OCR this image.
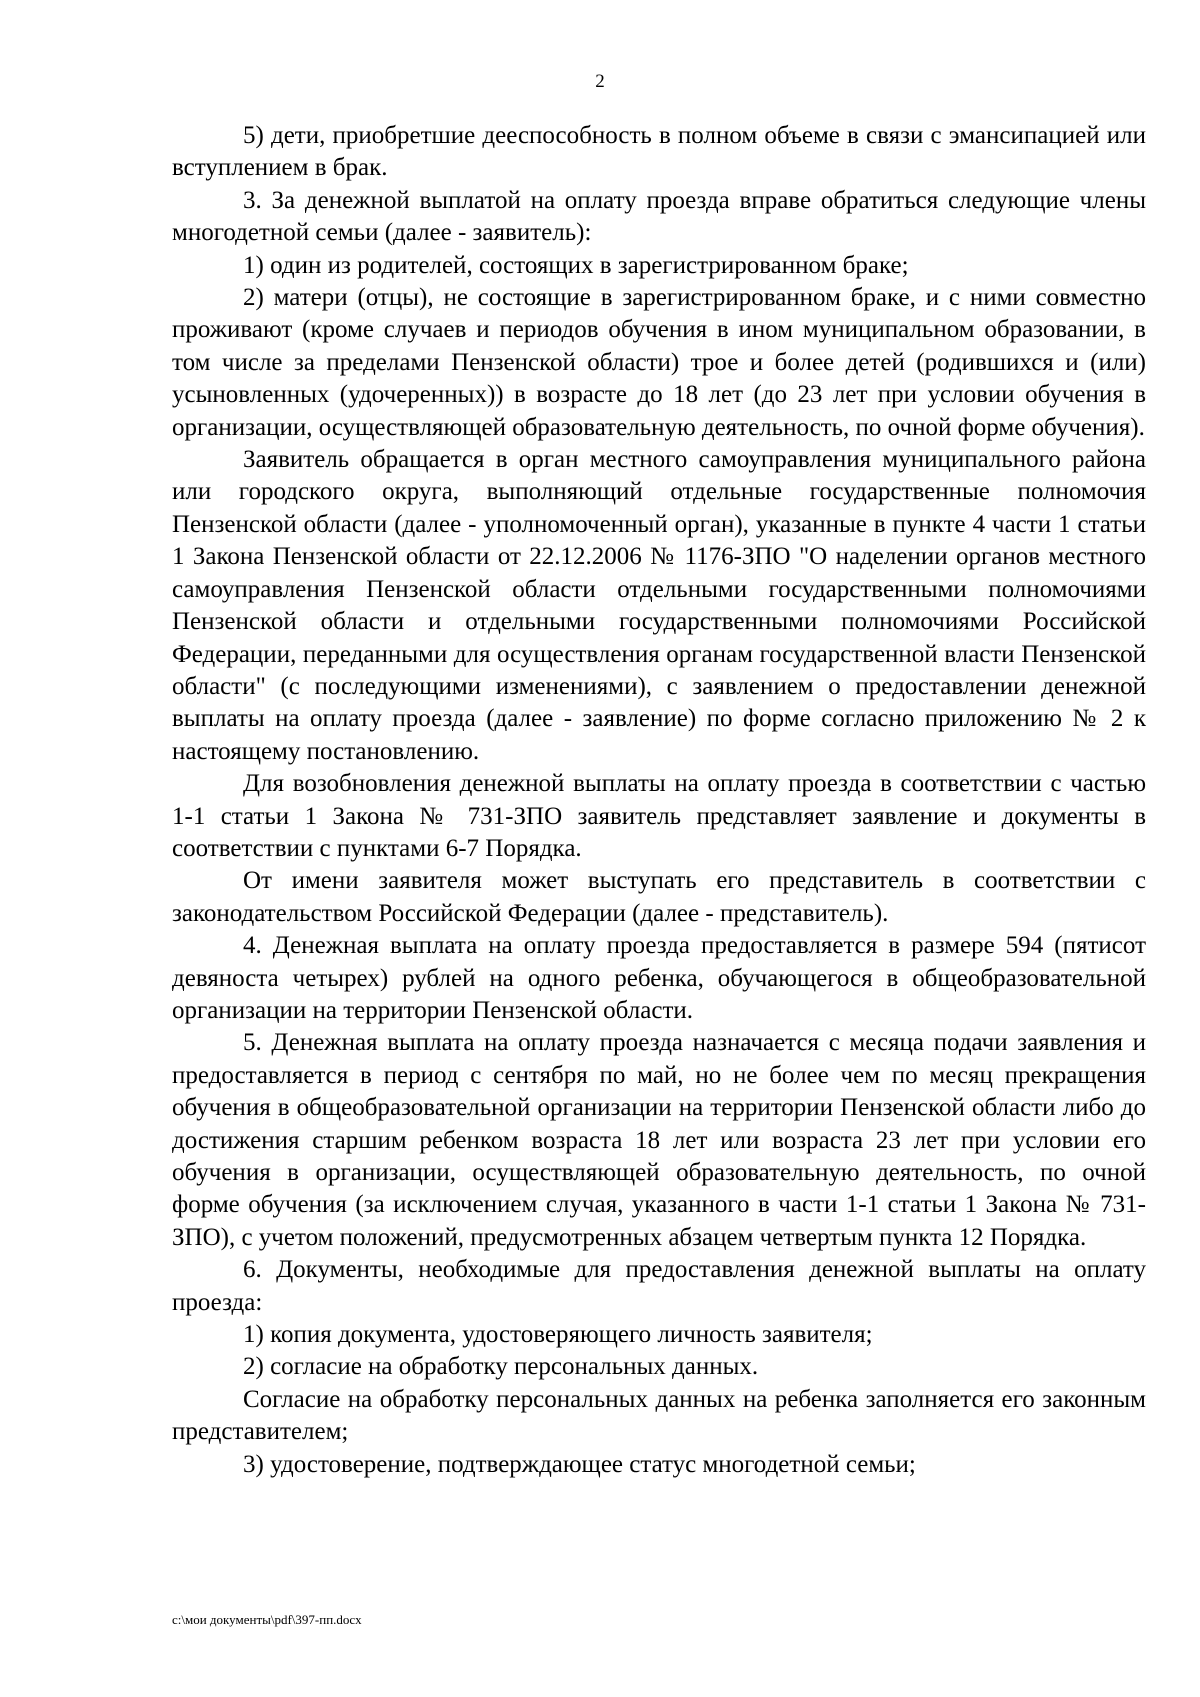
2

5) дети, приобретшие дееспособность в полном объеме в связи с эмансипацией или вступлением в брак.

3. За денежной выплатой на оплату проезда вправе обратиться следующие члены многодетной семьи (далее - заявитель):

1) один из родителей, состоящих в зарегистрированном браке;

2) матери (отцы), не состоящие в зарегистрированном браке, и с ними совместно проживают (кроме случаев и периодов обучения в ином муниципальном образовании, в том числе за пределами Пензенской области) трое и более детей (родившихся и (или) усыновленных (удочеренных)) в возрасте до 18 лет (до 23 лет при условии обучения в организации, осуществляющей образовательную деятельность, по очной форме обучения).

Заявитель обращается в орган местного самоуправления муниципального района или городского округа, выполняющий отдельные государственные полномочия Пензенской области (далее - уполномоченный орган), указанные в пункте 4 части 1 статьи 1 Закона Пензенской области от 22.12.2006 № 1176-ЗПО "О наделении органов местного самоуправления Пензенской области отдельными государственными полномочиями Пензенской области и отдельными государственными полномочиями Российской Федерации, переданными для осуществления органам государственной власти Пензенской области" (с последующими изменениями), с заявлением о предоставлении денежной выплаты на оплату проезда (далее - заявление) по форме согласно приложению № 2 к настоящему постановлению.

Для возобновления денежной выплаты на оплату проезда в соответствии с частью 1-1 статьи 1 Закона № 731-ЗПО заявитель представляет заявление и документы в соответствии с пунктами 6-7 Порядка.

От имени заявителя может выступать его представитель в соответствии с законодательством Российской Федерации (далее - представитель).

4. Денежная выплата на оплату проезда предоставляется в размере 594 (пятисот девяноста четырех) рублей на одного ребенка, обучающегося в общеобразовательной организации на территории Пензенской области.

5. Денежная выплата на оплату проезда назначается с месяца подачи заявления и предоставляется в период с сентября по май, но не более чем по месяц прекращения обучения в общеобразовательной организации на территории Пензенской области либо до достижения старшим ребенком возраста 18 лет или возраста 23 лет при условии его обучения в организации, осуществляющей образовательную деятельность, по очной форме обучения (за исключением случая, указанного в части 1-1 статьи 1 Закона № 731-ЗПО), с учетом положений, предусмотренных абзацем четвертым пункта 12 Порядка.

6. Документы, необходимые для предоставления денежной выплаты на оплату проезда:

1) копия документа, удостоверяющего личность заявителя;

2) согласие на обработку персональных данных.

Согласие на обработку персональных данных на ребенка заполняется его законным представителем;

3) удостоверение, подтверждающее статус многодетной семьи;

c:\мои документы\pdf\397-пп.docx
